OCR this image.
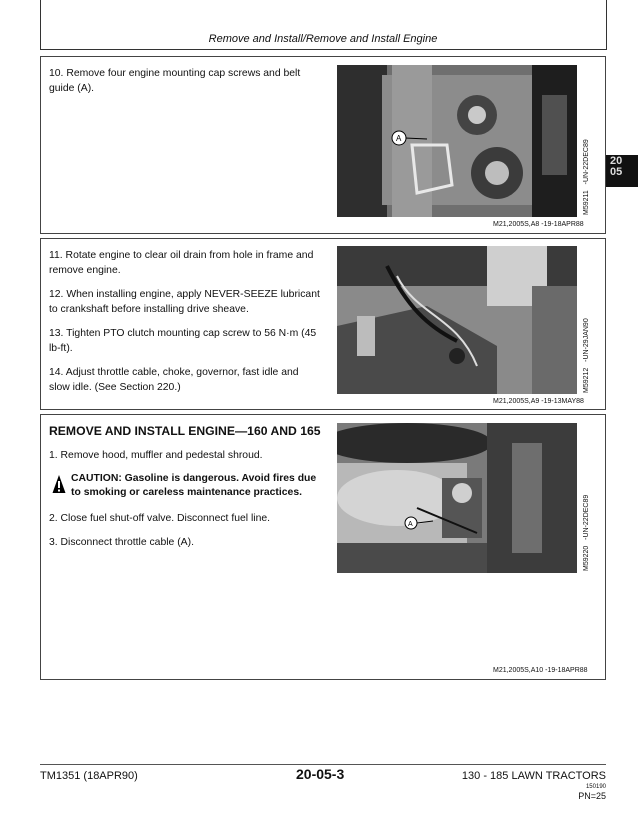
Remove and Install/Remove and Install Engine
20
05

10. Remove four engine mounting cap screws and belt guide (A).

A
M59211   -UN-22DEC89
M21,2005S,A8 -19-18APR88

11. Rotate engine to clear oil drain from hole in frame and remove engine.

12. When installing engine, apply NEVER-SEEZE lubricant to crankshaft before installing drive sheave.

13. Tighten PTO clutch mounting cap screw to 56 N·m (45 lb-ft).

14. Adjust throttle cable, choke, governor, fast idle and slow idle. (See Section 220.)	M59212   -UN-29JAN90
M21,2005S,A9 -19-13MAY88
REMOVE AND INSTALL ENGINE—160 AND 165

1. Remove hood, muffler and pedestal shroud.

CAUTION: Gasoline is dangerous. Avoid fires due to smoking or careless maintenance practices.

2. Close fuel shut-off valve. Disconnect fuel line.

3. Disconnect throttle cable (A).

A
M59220   -UN-22DEC89
M21,2005S,A10 -19-18APR88
TM1351 (18APR90)	20-05-3	130 - 185 LAWN TRACTORS
150190
PN=25
